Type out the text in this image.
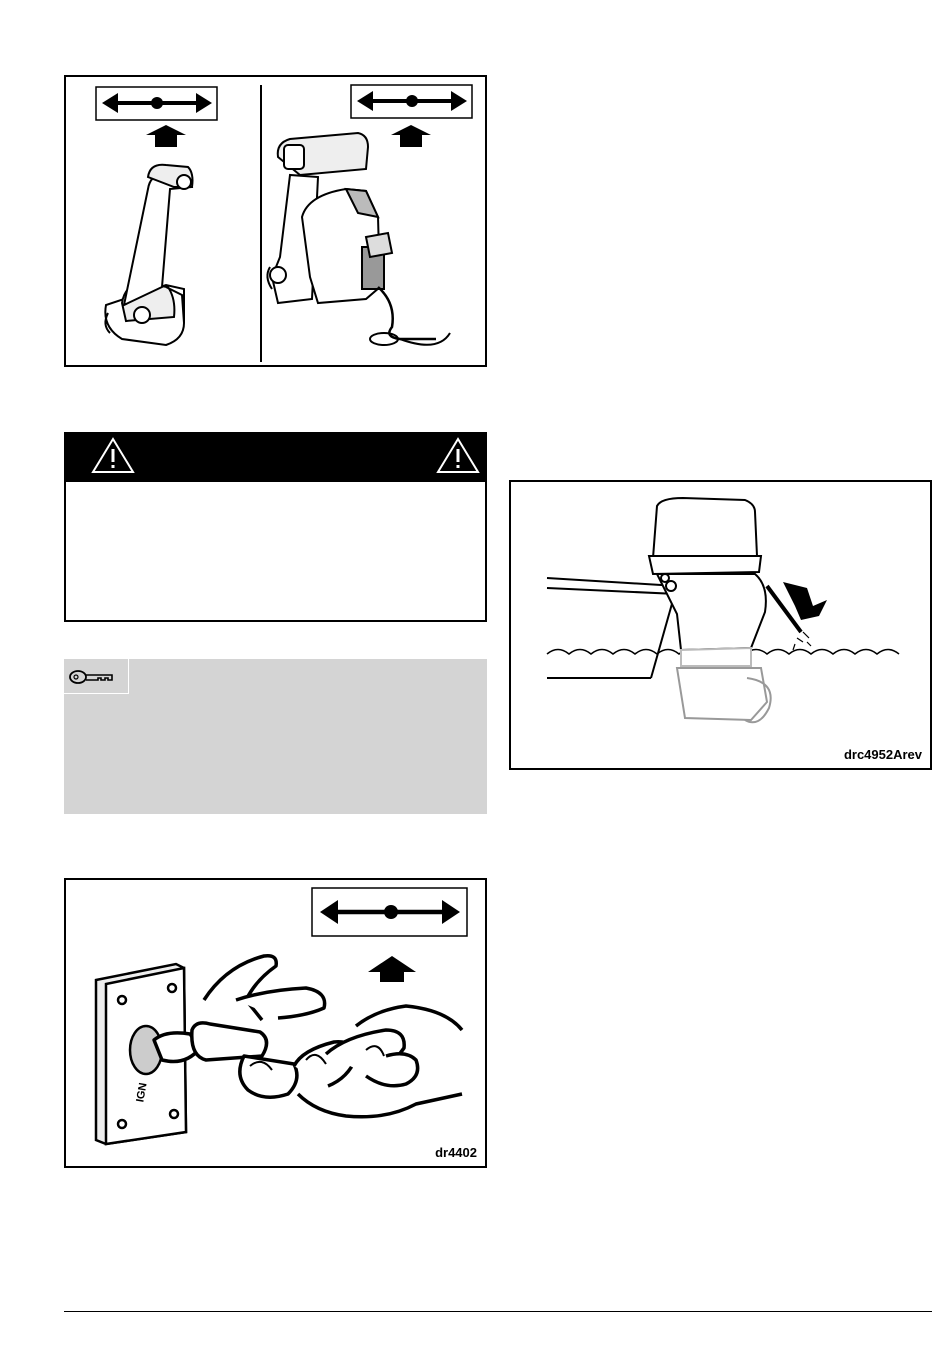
IGN
dr4402
drc4952Arev
